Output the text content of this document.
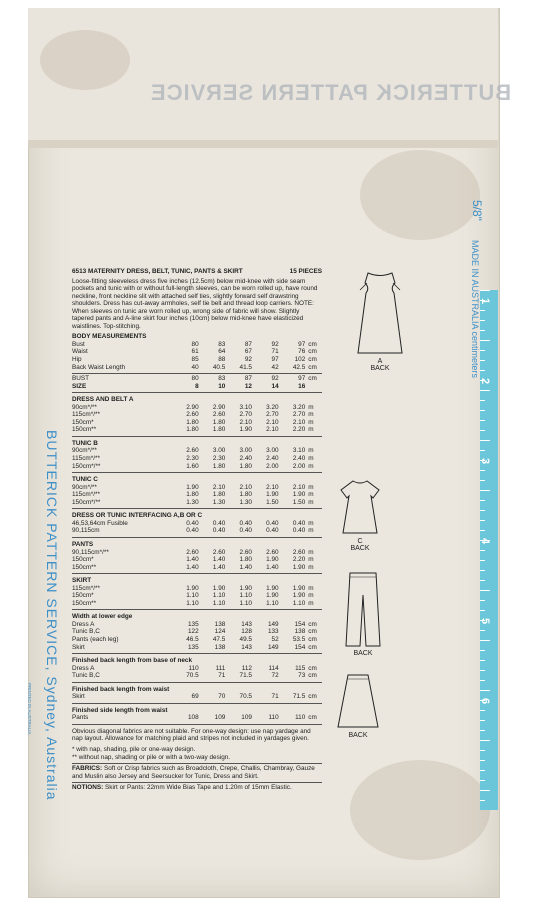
BUTTERICK PATTERN SERVICE
BUTTERICK PATTERN SERVICE, Sydney, Australia
PRINTED IN AUSTRALIA
5/8"
MADE IN AUSTRALIA centimeters 1
2
3
4
5
6
6513 MATERNITY DRESS, BELT, TUNIC, PANTS & SKIRT	15 PIECES
Loose-fitting sleeveless dress five inches (12.5cm) below mid-knee with side seam pockets and tunic with or without full-length sleeves, can be worn rolled up, have round neckline, front neckline slit with attached self ties, slightly forward self drawstring shoulders. Dress has cut-away armholes, self tie belt and thread loop carriers. NOTE: When sleeves on tunic are worn rolled up, wrong side of fabric will show. Slightly tapered pants and A-line skirt four inches (10cm) below mid-knee have elasticized waistlines. Top-stitching.
BODY MEASUREMENTS
Bust	80	83	87	92	97	cm
Waist	61	64	67	71	76	cm
Hip	85	88	92	97	102	cm
Back Waist Length	40	40.5	41.5	42	42.5	cm
BUST	80	83	87	92	97	cm
SIZE	8	10	12	14	16	
DRESS AND BELT A
90cm*/**	2.90	2.90	3.10	3.20	3.20	m
115cm*/**	2.60	2.60	2.70	2.70	2.70	m
150cm*	1.80	1.80	2.10	2.10	2.10	m
150cm**	1.80	1.80	1.90	2.10	2.20	m
TUNIC B
90cm*/**	2.60	3.00	3.00	3.00	3.10	m
115cm*/**	2.30	2.30	2.40	2.40	2.40	m
150cm*/**	1.60	1.80	1.80	2.00	2.00	m
TUNIC C
90cm*/**	1.90	2.10	2.10	2.10	2.10	m
115cm*/**	1.80	1.80	1.80	1.90	1.90	m
150cm*/**	1.30	1.30	1.30	1.50	1.50	m
DRESS OR TUNIC INTERFACING A,B OR C
46,53,64cm Fusible	0.40	0.40	0.40	0.40	0.40	m
90,115cm	0.40	0.40	0.40	0.40	0.40	m
PANTS
90,115cm*/**	2.60	2.60	2.60	2.60	2.60	m
150cm*	1.40	1.40	1.80	1.90	2.20	m
150cm**	1.40	1.40	1.40	1.40	1.90	m
SKIRT
115cm*/**	1.90	1.90	1.90	1.90	1.90	m
150cm*	1.10	1.10	1.10	1.90	1.90	m
150cm**	1.10	1.10	1.10	1.10	1.10	m
Width at lower edge
Dress A	135	138	143	149	154	cm
Tunic B,C	122	124	128	133	138	cm
Pants (each leg)	46.5	47.5	49.5	52	53.5	cm
Skirt	135	138	143	149	154	cm
Finished back length from base of neck
Dress A	110	111	112	114	115	cm
Tunic B,C	70.5	71	71.5	72	73	cm
Finished back length from waist
Skirt	69	70	70.5	71	71.5	cm
Finished side length from waist
Pants	108	109	109	110	110	cm
Obvious diagonal fabrics are not suitable. For one-way design: use nap yardage and nap layout. Allowance for matching plaid and stripes not included in yardages given.
* with nap, shading, pile or one-way design.
** without nap, shading or pile or with a two-way design.
FABRICS: Soft or Crisp fabrics such as Broadcloth, Crepe, Challis, Chambray, Gauze and Muslin also Jersey and Seersucker for Tunic, Dress and Skirt.
NOTIONS: Skirt or Pants: 22mm Wide Bias Tape and 1.20m of 15mm Elastic.
A
BACK
C
BACK
BACK
BACK
